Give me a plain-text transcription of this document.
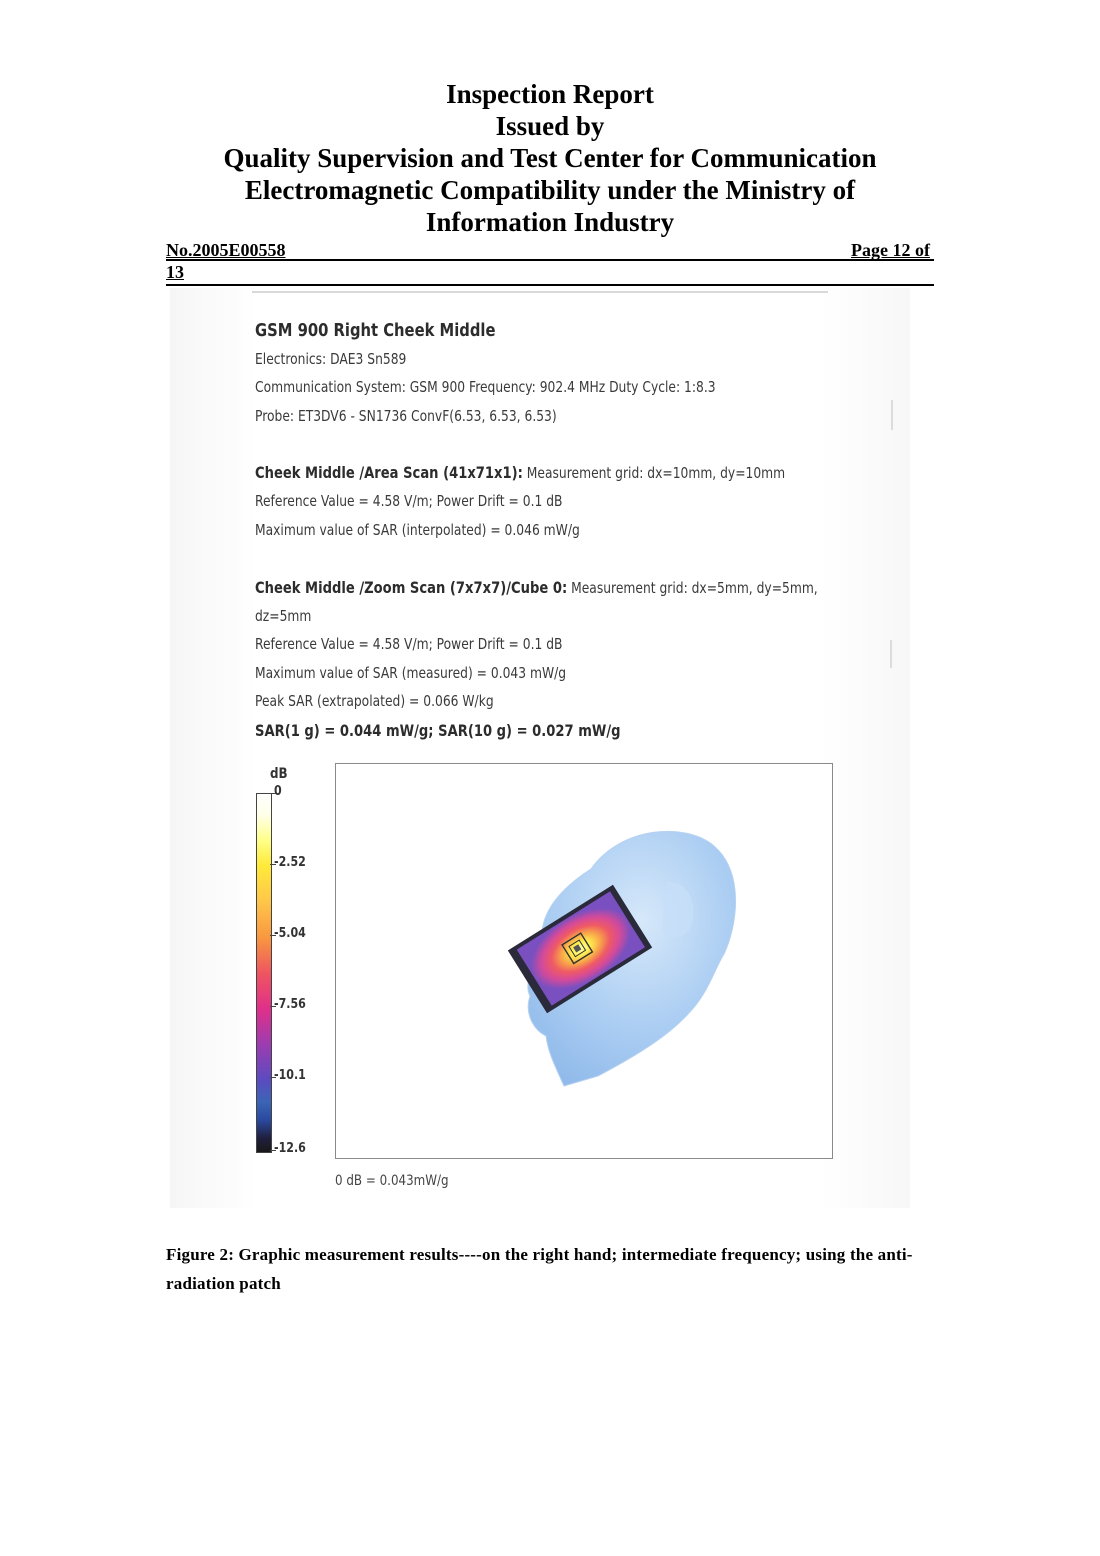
Inspection Report
Issued by
Quality Supervision and Test Center for Communication
Electromagnetic Compatibility under the Ministry of
Information Industry
No.2005E00558	Page 12 of
13
GSM 900 Right Cheek Middle
Electronics: DAE3 Sn589
Communication System: GSM 900 Frequency: 902.4 MHz Duty Cycle: 1:8.3
Probe: ET3DV6 - SN1736 ConvF(6.53, 6.53, 6.53)
Cheek Middle /Area Scan (41x71x1): Measurement grid: dx=10mm, dy=10mm
Reference Value = 4.58 V/m; Power Drift = 0.1 dB
Maximum value of SAR (interpolated) = 0.046 mW/g
Cheek Middle /Zoom Scan (7x7x7)/Cube 0: Measurement grid: dx=5mm, dy=5mm,
dz=5mm
Reference Value = 4.58 V/m; Power Drift = 0.1 dB
Maximum value of SAR (measured) = 0.043 mW/g
Peak SAR (extrapolated) = 0.066 W/kg
SAR(1 g) = 0.044 mW/g; SAR(10 g) = 0.027 mW/g
dB
0
-2.52
-5.04
-7.56
-10.1
-12.6
0 dB = 0.043mW/g
Figure 2: Graphic measurement results----on the right hand; intermediate frequency; using the anti-radiation patch
